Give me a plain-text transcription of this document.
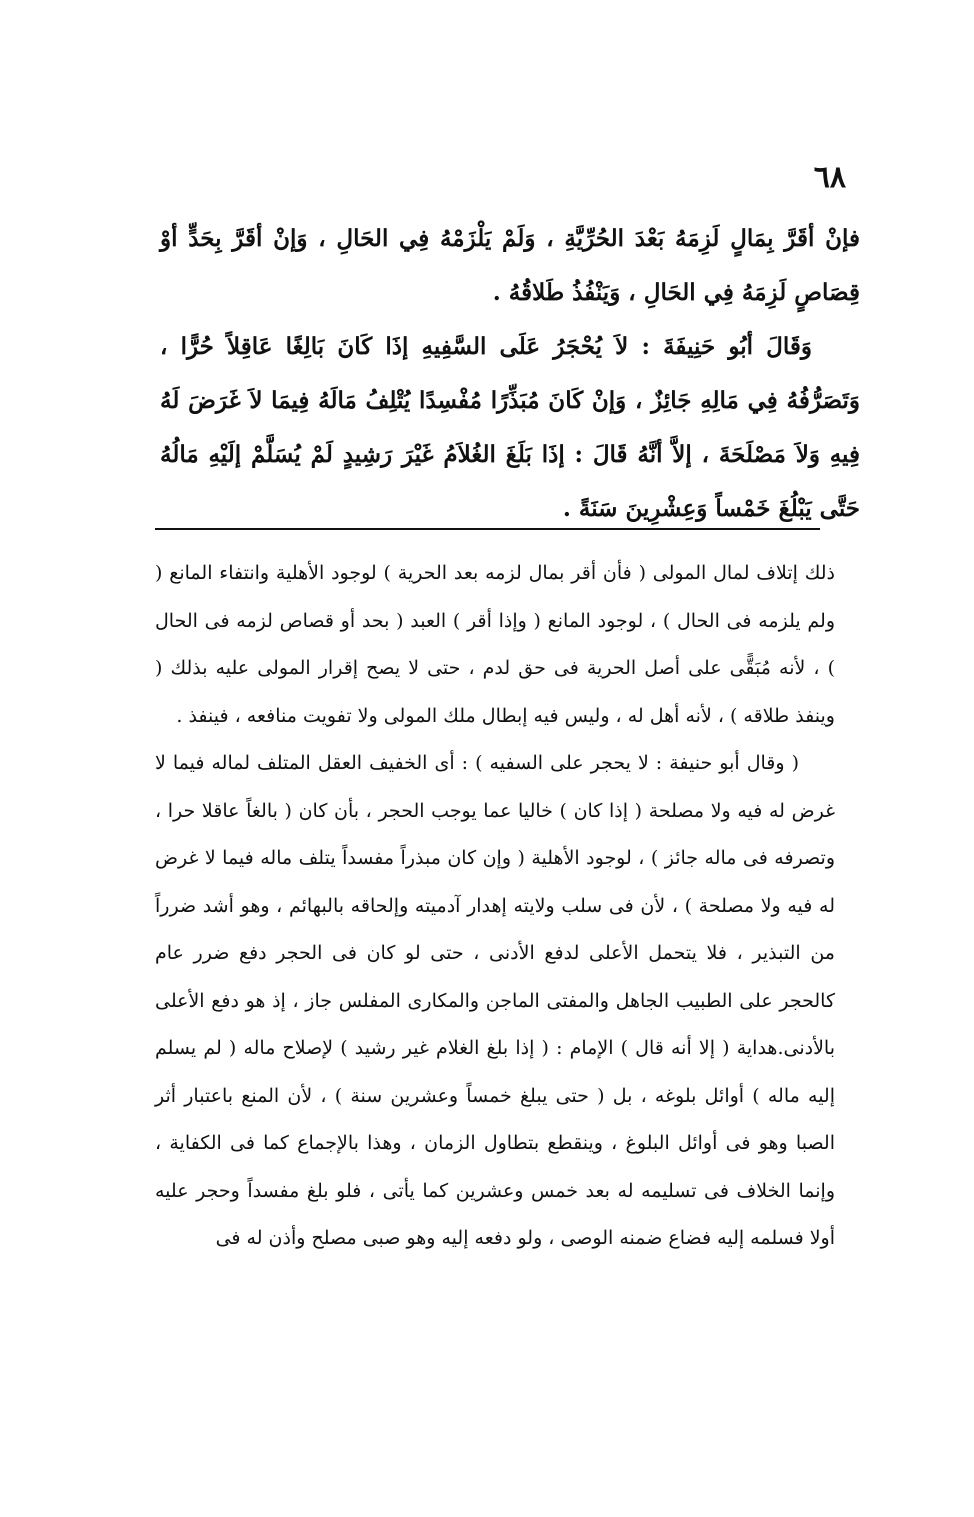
٦٨

فإنْ أقَرَّ بِمَالٍ لَزِمَهُ بَعْدَ الحُرِّيَّةِ ، وَلَمْ يَلْزَمْهُ فِي الحَالِ ، وَإنْ أقَرَّ بِحَدٍّ أوْ قِصَاصٍ لَزِمَهُ فِي الحَالِ ، وَيَنْفُذُ طَلاقُهُ .

وَقَالَ أبُو حَنِيفَةَ : لاَ يُحْجَرُ عَلَى السَّفِيهِ إذَا كَانَ بَالِغًا عَاقِلاً حُرًّا ، وَتَصَرُّفُهُ فِي مَالِهِ جَائِزٌ ، وَإنْ كَانَ مُبَذِّرًا مُفْسِدًا يُتْلِفُ مَالَهُ فِيمَا لاَ غَرَضَ لَهُ فِيهِ وَلاَ مَصْلَحَةَ ، إلاَّ أنَّهُ قَالَ : إذَا بَلَغَ الغُلاَمُ غَيْرَ رَشِيدٍ لَمْ يُسَلَّمْ إلَيْهِ مَالُهُ حَتَّى يَبْلُغَ خَمْساً وَعِشْرِينَ سَنَةً .

ذلك إتلاف لمال المولى ( فأن أقر بمال لزمه بعد الحرية ) لوجود الأهلية وانتفاء المانع ( ولم يلزمه فى الحال ) ، لوجود المانع ( وإذا أقر ) العبد ( بحد أو قصاص لزمه فى الحال ) ، لأنه مُبَقًّى على أصل الحرية فى حق لدم ، حتى لا يصح إقرار المولى عليه بذلك ( وينفذ طلاقه ) ، لأنه أهل له ، وليس فيه إبطال ملك المولى ولا تفويت منافعه ، فينفذ .

( وقال أبو حنيفة : لا يحجر على السفيه ) : أى الخفيف العقل المتلف لماله فيما لا غرض له فيه ولا مصلحة ( إذا كان ) خاليا عما يوجب الحجر ، بأن كان ( بالغاً عاقلا حرا ، وتصرفه فى ماله جائز ) ، لوجود الأهلية ( وإن كان مبذراً مفسداً يتلف ماله فيما لا غرض له فيه ولا مصلحة ) ، لأن فى سلب ولايته إهدار آدميته وإلحاقه بالبهائم ، وهو أشد ضرراً من التبذير ، فلا يتحمل الأعلى لدفع الأدنى ، حتى لو كان فى الحجر دفع ضرر عام كالحجر على الطبيب الجاهل والمفتى الماجن والمكارى المفلس جاز ، إذ هو دفع الأعلى بالأدنى.هداية ( إلا أنه قال ) الإمام : ( إذا بلغ الغلام غير رشيد ) لإصلاح ماله ( لم يسلم إليه ماله ) أوائل بلوغه ، بل ( حتى يبلغ خمساً وعشرين سنة ) ، لأن المنع باعتبار أثر الصبا وهو فى أوائل البلوغ ، وينقطع بتطاول الزمان ، وهذا بالإجماع كما فى الكفاية ، وإنما الخلاف فى تسليمه له بعد خمس وعشرين كما يأتى ، فلو بلغ مفسداً وحجر عليه أولا فسلمه إليه فضاع ضمنه الوصى ، ولو دفعه إليه وهو صبى مصلح وأذن له فى
